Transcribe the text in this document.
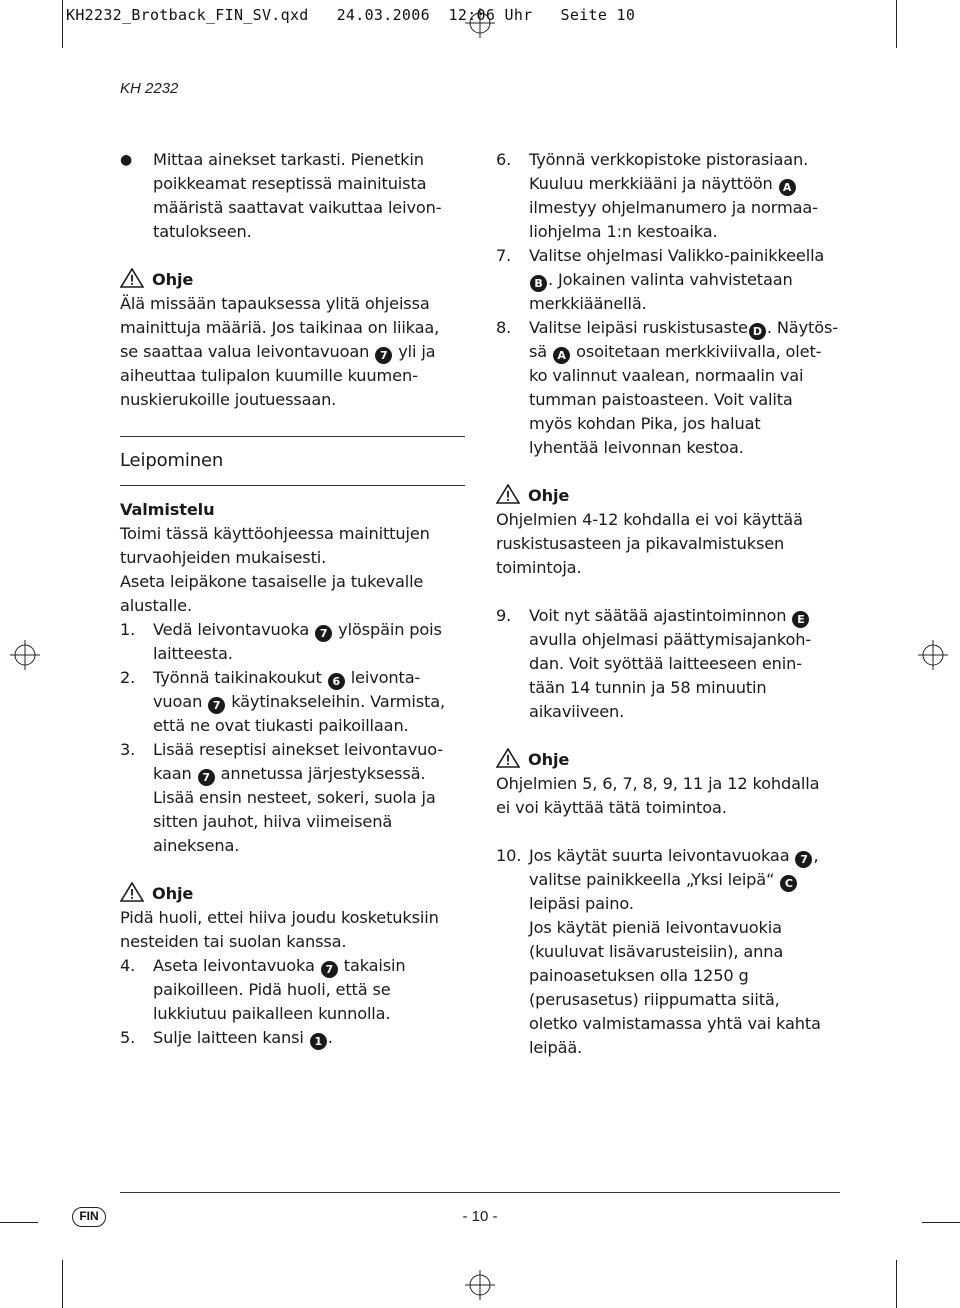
KH2232_Brotback_FIN_SV.qxd   24.03.2006  12:06 Uhr   Seite 10
KH 2232
● Mittaa ainekset tarkasti. Pienetkin
poikkeamat reseptissä mainituista
määristä saattavat vaikuttaa leivon-
tatulokseen.
Ohje
Älä missään tapauksessa ylitä ohjeissa
mainittuja määriä. Jos taikinaa on liikaa,
se saattaa valua leivontavuoan 7 yli ja
aiheuttaa tulipalon kuumille kuumen-
nuskierukoille joutuessaan.
Leipominen
Valmistelu
Toimi tässä käyttöohjeessa mainittujen
turvaohjeiden mukaisesti.
Aseta leipäkone tasaiselle ja tukevalle
alustalle.
1. Vedä leivontavuoka 7 ylöspäin pois
laitteesta.
2. Työnnä taikinakoukut 6 leivonta-
vuoan 7 käytinakseleihin. Varmista,
että ne ovat tiukasti paikoillaan.
3. Lisää reseptisi ainekset leivontavuo-
kaan 7 annetussa järjestyksessä.
Lisää ensin nesteet, sokeri, suola ja
sitten jauhot, hiiva viimeisenä
aineksena.
Ohje
Pidä huoli, ettei hiiva joudu kosketuksiin
nesteiden tai suolan kanssa.
4. Aseta leivontavuoka 7 takaisin
paikoilleen. Pidä huoli, että se
lukkiutuu paikalleen kunnolla.
5. Sulje laitteen kansi 1 .
6. Työnnä verkkopistoke pistorasiaan.
Kuuluu merkkiääni ja näyttöön A
ilmestyy ohjelmanumero ja normaa-
liohjelma 1:n kestoaika.
7. Valitse ohjelmasi Valikko-painikkeella
B . Jokainen valinta vahvistetaan
merkkiäänellä.
8. Valitse leipäsi ruskistusaste D . Näytös-
sä A osoitetaan merkkiviivalla, olet-
ko valinnut vaalean, normaalin vai
tumman paistoasteen. Voit valita
myös kohdan Pika, jos haluat
lyhentää leivonnan kestoa.
Ohje
Ohjelmien 4-12 kohdalla ei voi käyttää
ruskistusasteen ja pikavalmistuksen
toimintoja.
9. Voit nyt säätää ajastintoiminnon E
avulla ohjelmasi päättymisajankoh-
dan. Voit syöttää laitteeseen enin-
tään 14 tunnin ja 58 minuutin
aikaviiveen.
Ohje
Ohjelmien 5, 6, 7, 8, 9, 11 ja 12 kohdalla
ei voi käyttää tätä toimintoa.
10. Jos käytät suurta leivontavuokaa 7 ,
valitse painikkeella „Yksi leipä“ C
leipäsi paino.
Jos käytät pieniä leivontavuokia
(kuuluvat lisävarusteisiin), anna
painoasetuksen olla 1250 g
(perusasetus) riippumatta siitä,
oletko valmistamassa yhtä vai kahta
leipää.
FIN	- 10 -
